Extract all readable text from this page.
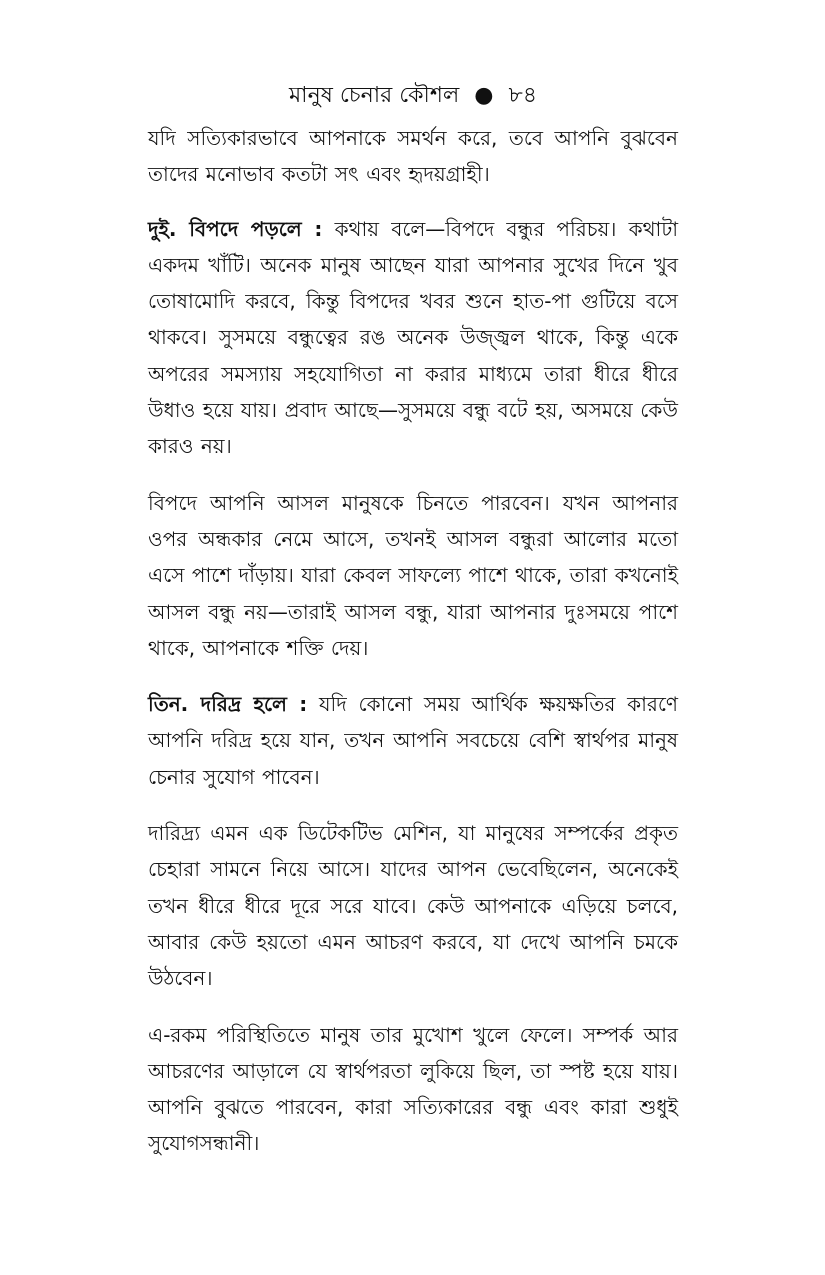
মানুষ চেনার কৌশল ● ৮৪

যদি সত্যিকারভাবে আপনাকে সমর্থন করে, তবে আপনি বুঝবেন তাদের মনোভাব কতটা সৎ এবং হৃদয়গ্রাহী।

দুই. বিপদে পড়লে : কথায় বলে—বিপদে বন্ধুর পরিচয়। কথাটা একদম খাঁটি। অনেক মানুষ আছেন যারা আপনার সুখের দিনে খুব তোষামোদি করবে, কিন্তু বিপদের খবর শুনে হাত-পা গুটিয়ে বসে থাকবে। সুসময়ে বন্ধুত্বের রঙ অনেক উজ্জ্বল থাকে, কিন্তু একে অপরের সমস্যায় সহযোগিতা না করার মাধ্যমে তারা ধীরে ধীরে উধাও হয়ে যায়। প্রবাদ আছে—সুসময়ে বন্ধু বটে হয়, অসময়ে কেউ কারও নয়।

বিপদে আপনি আসল মানুষকে চিনতে পারবেন। যখন আপনার ওপর অন্ধকার নেমে আসে, তখনই আসল বন্ধুরা আলোর মতো এসে পাশে দাঁড়ায়। যারা কেবল সাফল্যে পাশে থাকে, তারা কখনোই আসল বন্ধু নয়—তারাই আসল বন্ধু, যারা আপনার দুঃসময়ে পাশে থাকে, আপনাকে শক্তি দেয়।

তিন. দরিদ্র হলে : যদি কোনো সময় আর্থিক ক্ষয়ক্ষতির কারণে আপনি দরিদ্র হয়ে যান, তখন আপনি সবচেয়ে বেশি স্বার্থপর মানুষ চেনার সুযোগ পাবেন।

দারিদ্র্য এমন এক ডিটেকটিভ মেশিন, যা মানুষের সম্পর্কের প্রকৃত চেহারা সামনে নিয়ে আসে। যাদের আপন ভেবেছিলেন, অনেকেই তখন ধীরে ধীরে দূরে সরে যাবে। কেউ আপনাকে এড়িয়ে চলবে, আবার কেউ হয়তো এমন আচরণ করবে, যা দেখে আপনি চমকে উঠবেন।

এ-রকম পরিস্থিতিতে মানুষ তার মুখোশ খুলে ফেলে। সম্পর্ক আর আচরণের আড়ালে যে স্বার্থপরতা লুকিয়ে ছিল, তা স্পষ্ট হয়ে যায়। আপনি বুঝতে পারবেন, কারা সত্যিকারের বন্ধু এবং কারা শুধুই সুযোগসন্ধানী।
